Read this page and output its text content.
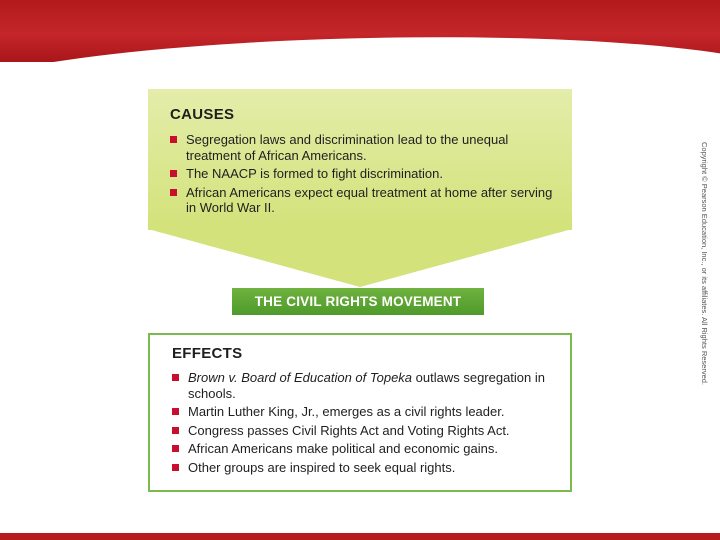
CAUSES
Segregation laws and discrimination lead to the unequal treatment of African Americans.
The NAACP is formed to fight discrimination.
African Americans expect equal treatment at home after serving in World War II.
THE CIVIL RIGHTS MOVEMENT
EFFECTS
Brown v. Board of Education of Topeka outlaws segregation in schools.
Martin Luther King, Jr., emerges as a civil rights leader.
Congress passes Civil Rights Act and Voting Rights Act.
African Americans make political and economic gains.
Other groups are inspired to seek equal rights.
Copyright © Pearson Education, Inc., or its affiliates. All Rights Reserved.
